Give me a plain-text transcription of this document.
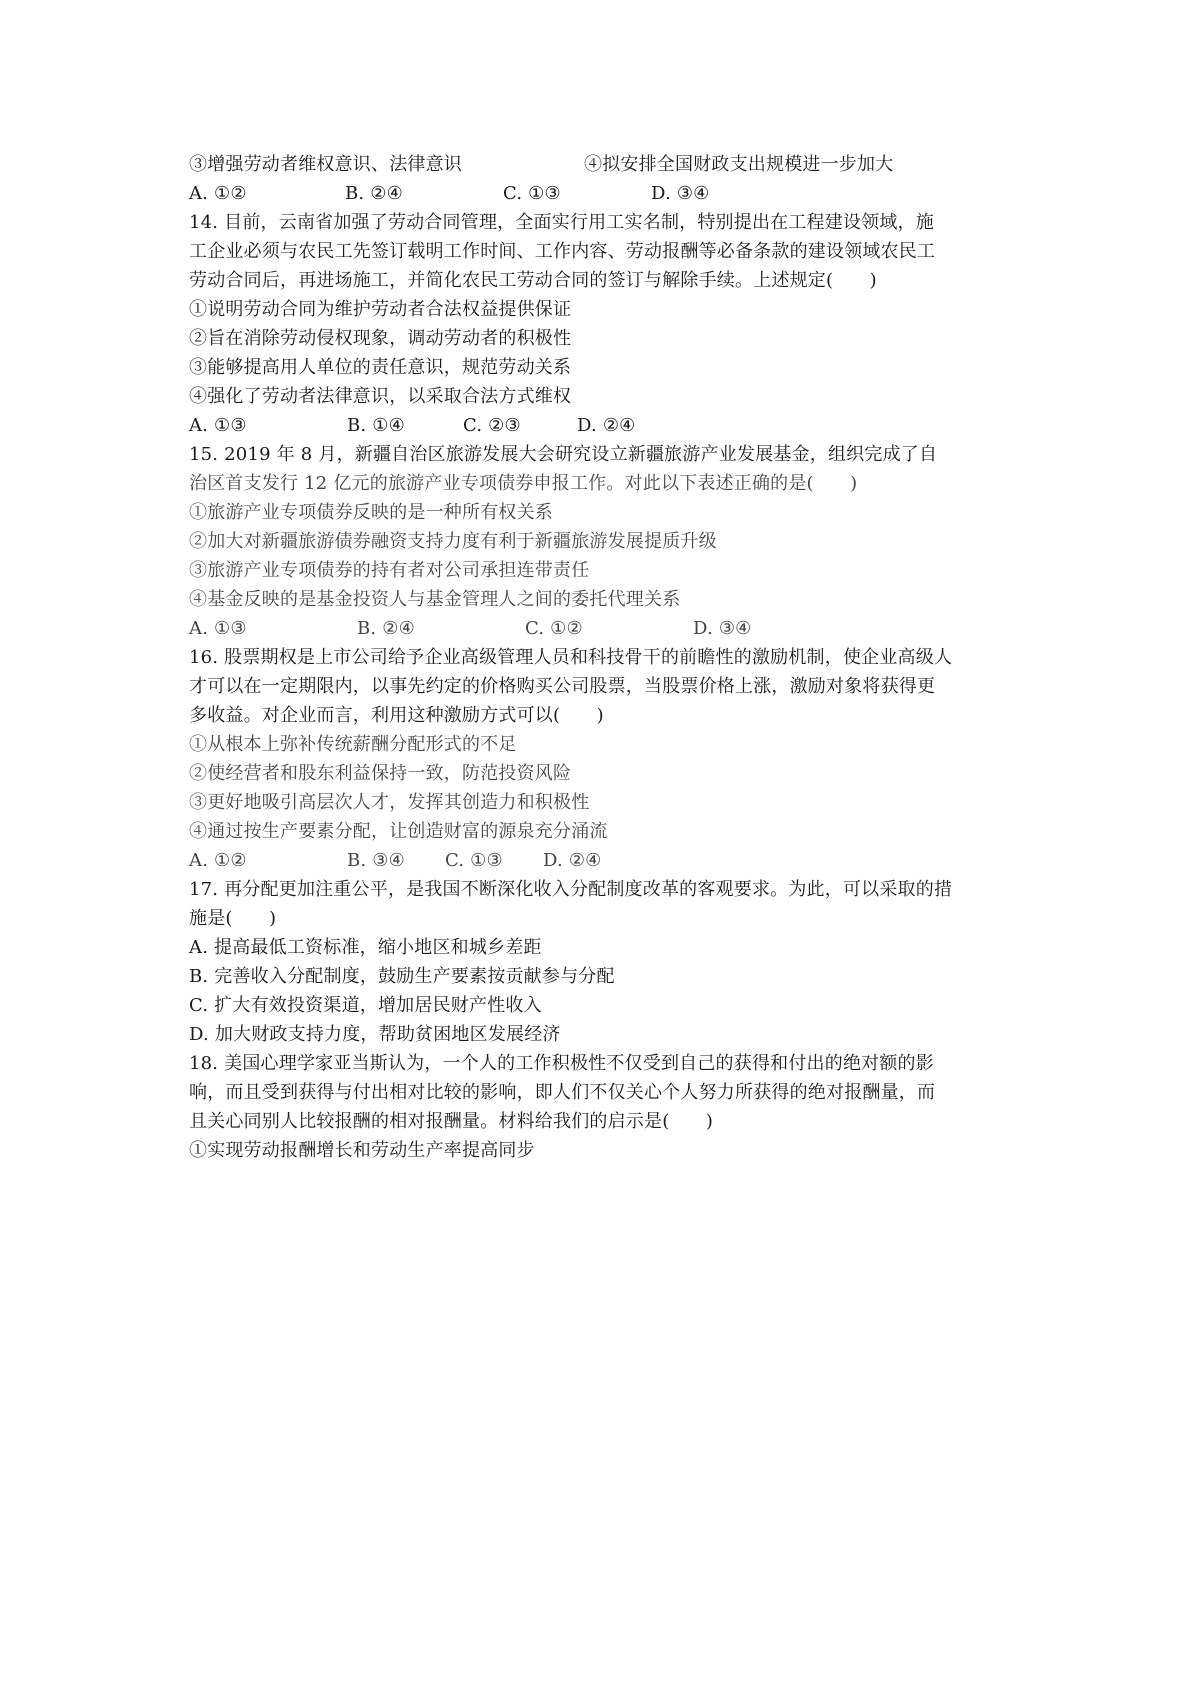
③增强劳动者维权意识、法律意识	④拟安排全国财政支出规模进一步加大
A. ①②	B. ②④	C. ①③	D. ③④
14. 目前，云南省加强了劳动合同管理，全面实行用工实名制，特别提出在工程建设领域，施
工企业必须与农民工先签订载明工作时间、工作内容、劳动报酬等必备条款的建设领域农民工
劳动合同后，再进场施工，并简化农民工劳动合同的签订与解除手续。上述规定(　　)
①说明劳动合同为维护劳动者合法权益提供保证
②旨在消除劳动侵权现象，调动劳动者的积极性
③能够提高用人单位的责任意识，规范劳动关系
④强化了劳动者法律意识，以采取合法方式维权
A. ①③	B. ①④	C. ②③	D. ②④
15. 2019 年 8 月，新疆自治区旅游发展大会研究设立新疆旅游产业发展基金，组织完成了自
治区首支发行 12 亿元的旅游产业专项债券申报工作。对此以下表述正确的是(　　)
①旅游产业专项债券反映的是一种所有权关系
②加大对新疆旅游债券融资支持力度有利于新疆旅游发展提质升级
③旅游产业专项债券的持有者对公司承担连带责任
④基金反映的是基金投资人与基金管理人之间的委托代理关系
A. ①③	B. ②④	C. ①②	D. ③④
16. 股票期权是上市公司给予企业高级管理人员和科技骨干的前瞻性的激励机制，使企业高级人
才可以在一定期限内，以事先约定的价格购买公司股票，当股票价格上涨，激励对象将获得更
多收益。对企业而言，利用这种激励方式可以(　　)
①从根本上弥补传统薪酬分配形式的不足
②使经营者和股东利益保持一致，防范投资风险
③更好地吸引高层次人才，发挥其创造力和积极性
④通过按生产要素分配，让创造财富的源泉充分涌流
A. ①②	B. ③④	C. ①③	D. ②④
17. 再分配更加注重公平，是我国不断深化收入分配制度改革的客观要求。为此，可以采取的措
施是(　　)
A. 提高最低工资标准，缩小地区和城乡差距
B. 完善收入分配制度，鼓励生产要素按贡献参与分配
C. 扩大有效投资渠道，增加居民财产性收入
D. 加大财政支持力度，帮助贫困地区发展经济
18. 美国心理学家亚当斯认为，一个人的工作积极性不仅受到自己的获得和付出的绝对额的影
响，而且受到获得与付出相对比较的影响，即人们不仅关心个人努力所获得的绝对报酬量，而
且关心同别人比较报酬的相对报酬量。材料给我们的启示是(　　)
①实现劳动报酬增长和劳动生产率提高同步
